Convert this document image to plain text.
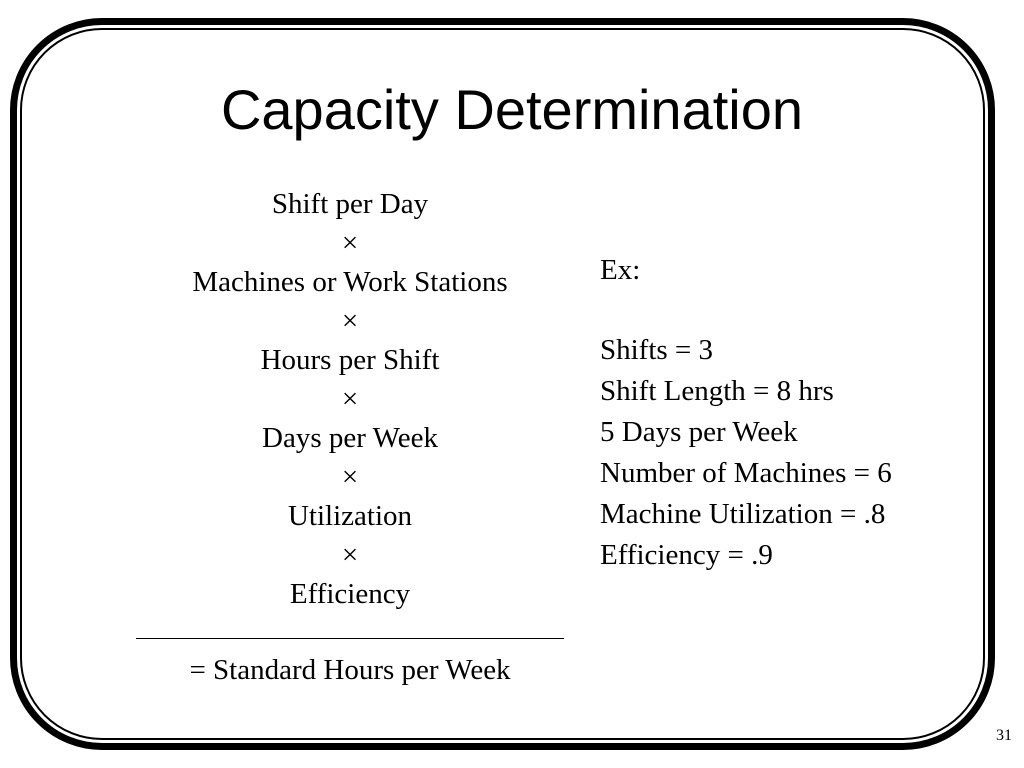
Capacity Determination
Shift per Day
×
Machines or Work Stations
×
Hours per Shift
×
Days per Week
×
Utilization
×
Efficiency
= Standard Hours per Week
Ex:
Shifts = 3
Shift Length = 8 hrs
5 Days per Week
Number of Machines = 6
Machine Utilization = .8
Efficiency = .9
31
